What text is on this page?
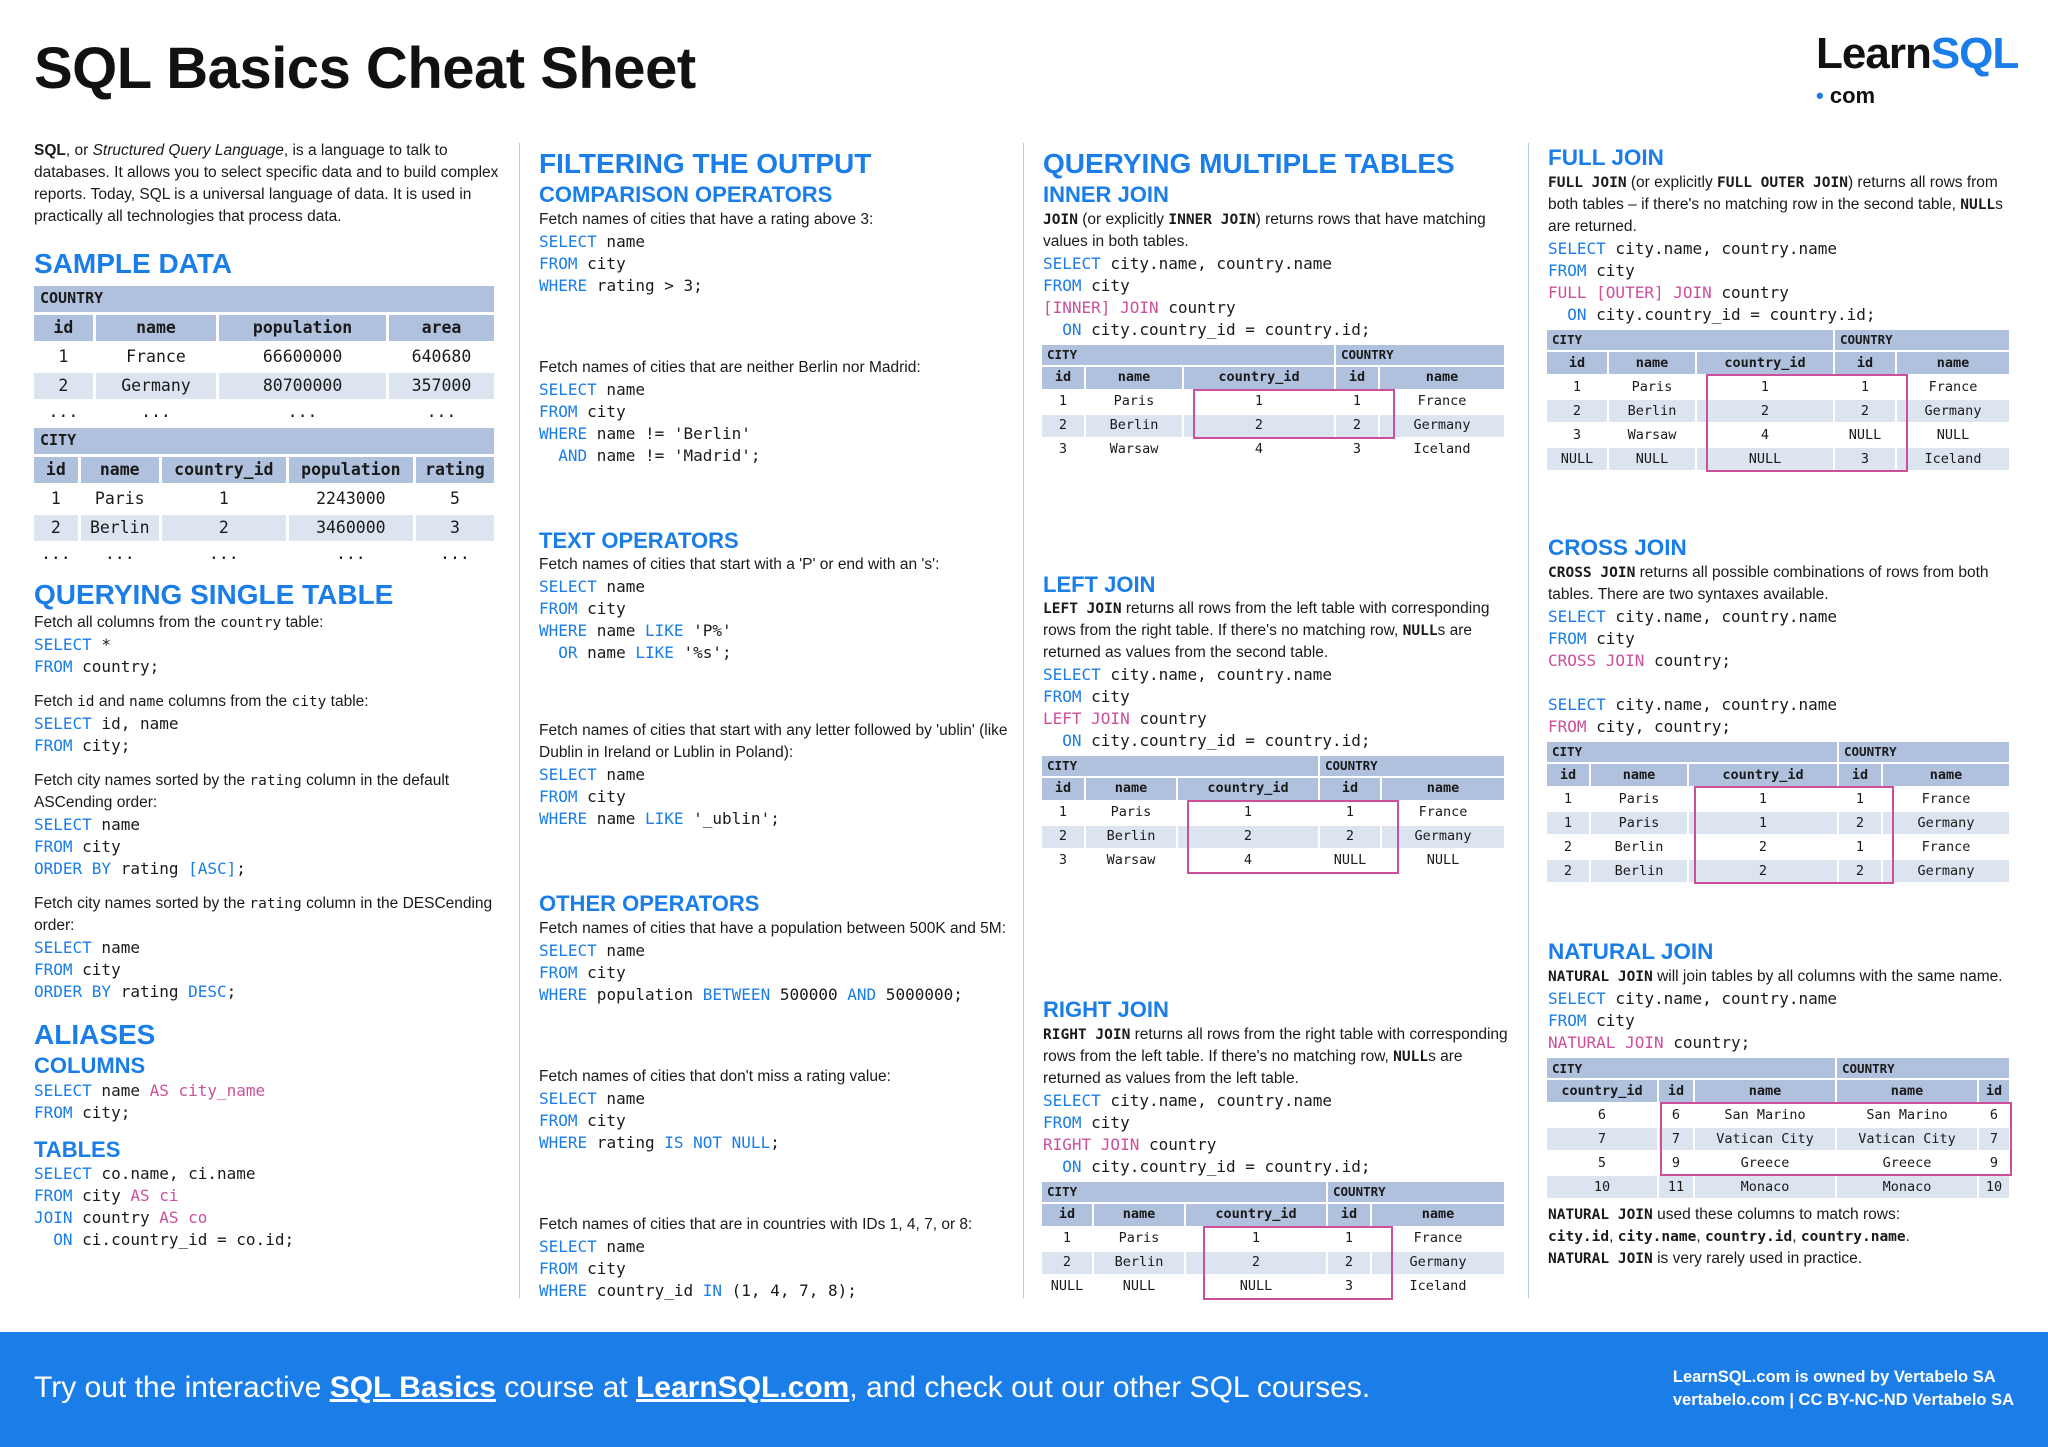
SQL Basics Cheat Sheet	LearnSQL
• com

SQL, or Structured Query Language, is a language to talk to databases. It allows you to select specific data and to build complex reports. Today, SQL is a universal language of data. It is used in practically all technologies that process data.

SAMPLE DATA
COUNTRY			
id	name	population	area
1	France	66600000	640680
2	Germany	80700000	357000
...	...	...	...
CITY				
id	name	country_id	population	rating
1	Paris	1	2243000	5
2	Berlin	2	3460000	3
...	...	...	...	...
QUERYING SINGLE TABLE

Fetch all columns from the country table:

SELECT *
FROM country;

Fetch id and name columns from the city table:

SELECT id, name
FROM city;

Fetch city names sorted by the rating column in the default ASCending order:

SELECT name
FROM city
ORDER BY rating [ASC];

Fetch city names sorted by the rating column in the DESCending order:

SELECT name
FROM city
ORDER BY rating DESC;
ALIASES
COLUMNS
SELECT name AS city_name
FROM city;
TABLES
SELECT co.name, ci.name
FROM city AS ci
JOIN country AS co
ON ci.country_id = co.id;
FILTERING THE OUTPUT
COMPARISON OPERATORS

Fetch names of cities that have a rating above 3:

SELECT name
FROM city
WHERE rating > 3;

Fetch names of cities that are neither Berlin nor Madrid:

SELECT name
FROM city
WHERE name != 'Berlin'
AND name != 'Madrid';
TEXT OPERATORS

Fetch names of cities that start with a 'P' or end with an 's':

SELECT name
FROM city
WHERE name LIKE 'P%'
OR name LIKE '%s';

Fetch names of cities that start with any letter followed by 'ublin' (like Dublin in Ireland or Lublin in Poland):

SELECT name
FROM city
WHERE name LIKE '_ublin';
OTHER OPERATORS

Fetch names of cities that have a population between 500K and 5M:

SELECT name
FROM city
WHERE population BETWEEN 500000 AND 5000000;

Fetch names of cities that don't miss a rating value:

SELECT name
FROM city
WHERE rating IS NOT NULL;

Fetch names of cities that are in countries with IDs 1, 4, 7, or 8:

SELECT name
FROM city
WHERE country_id IN (1, 4, 7, 8);
QUERYING MULTIPLE TABLES
INNER JOIN

JOIN (or explicitly INNER JOIN) returns rows that have matching values in both tables.

SELECT city.name, country.name
FROM city
[INNER] JOIN country
ON city.country_id = country.id;
CITY			COUNTRY	
id	name	country_id	id	name
1	Paris	1	1	France
2	Berlin	2	2	Germany
3	Warsaw	4	3	Iceland
LEFT JOIN

LEFT JOIN returns all rows from the left table with corresponding rows from the right table. If there's no matching row, NULLs are returned as values from the second table.

SELECT city.name, country.name
FROM city
LEFT JOIN country
ON city.country_id = country.id;
CITY			COUNTRY	
id	name	country_id	id	name
1	Paris	1	1	France
2	Berlin	2	2	Germany
3	Warsaw	4	NULL	NULL
RIGHT JOIN

RIGHT JOIN returns all rows from the right table with corresponding rows from the left table. If there's no matching row, NULLs are returned as values from the left table.

SELECT city.name, country.name
FROM city
RIGHT JOIN country
ON city.country_id = country.id;
CITY			COUNTRY	
id	name	country_id	id	name
1	Paris	1	1	France
2	Berlin	2	2	Germany
NULL	NULL	NULL	3	Iceland
FULL JOIN

FULL JOIN (or explicitly FULL OUTER JOIN) returns all rows from both tables – if there's no matching row in the second table, NULLs are returned.

SELECT city.name, country.name
FROM city
FULL [OUTER] JOIN country
ON city.country_id = country.id;
CITY			COUNTRY	
id	name	country_id	id	name
1	Paris	1	1	France
2	Berlin	2	2	Germany
3	Warsaw	4	NULL	NULL
NULL	NULL	NULL	3	Iceland
CROSS JOIN

CROSS JOIN returns all possible combinations of rows from both tables. There are two syntaxes available.

SELECT city.name, country.name
FROM city
CROSS JOIN country;
SELECT city.name, country.name
FROM city, country;
CITY			COUNTRY	
id	name	country_id	id	name
1	Paris	1	1	France
1	Paris	1	2	Germany
2	Berlin	2	1	France
2	Berlin	2	2	Germany
NATURAL JOIN

NATURAL JOIN will join tables by all columns with the same name.

SELECT city.name, country.name
FROM city
NATURAL JOIN country;
CITY			COUNTRY	
country_id	id	name	name	id
6	6	San Marino	San Marino	6
7	7	Vatican City	Vatican City	7
5	9	Greece	Greece	9
10	11	Monaco	Monaco	10

NATURAL JOIN used these columns to match rows:
city.id, city.name, country.id, country.name.
NATURAL JOIN is very rarely used in practice.

Try out the interactive SQL Basics course at LearnSQL.com, and check out our other SQL courses.	LearnSQL.com is owned by Vertabelo SA
vertabelo.com | CC BY-NC-ND Vertabelo SA
